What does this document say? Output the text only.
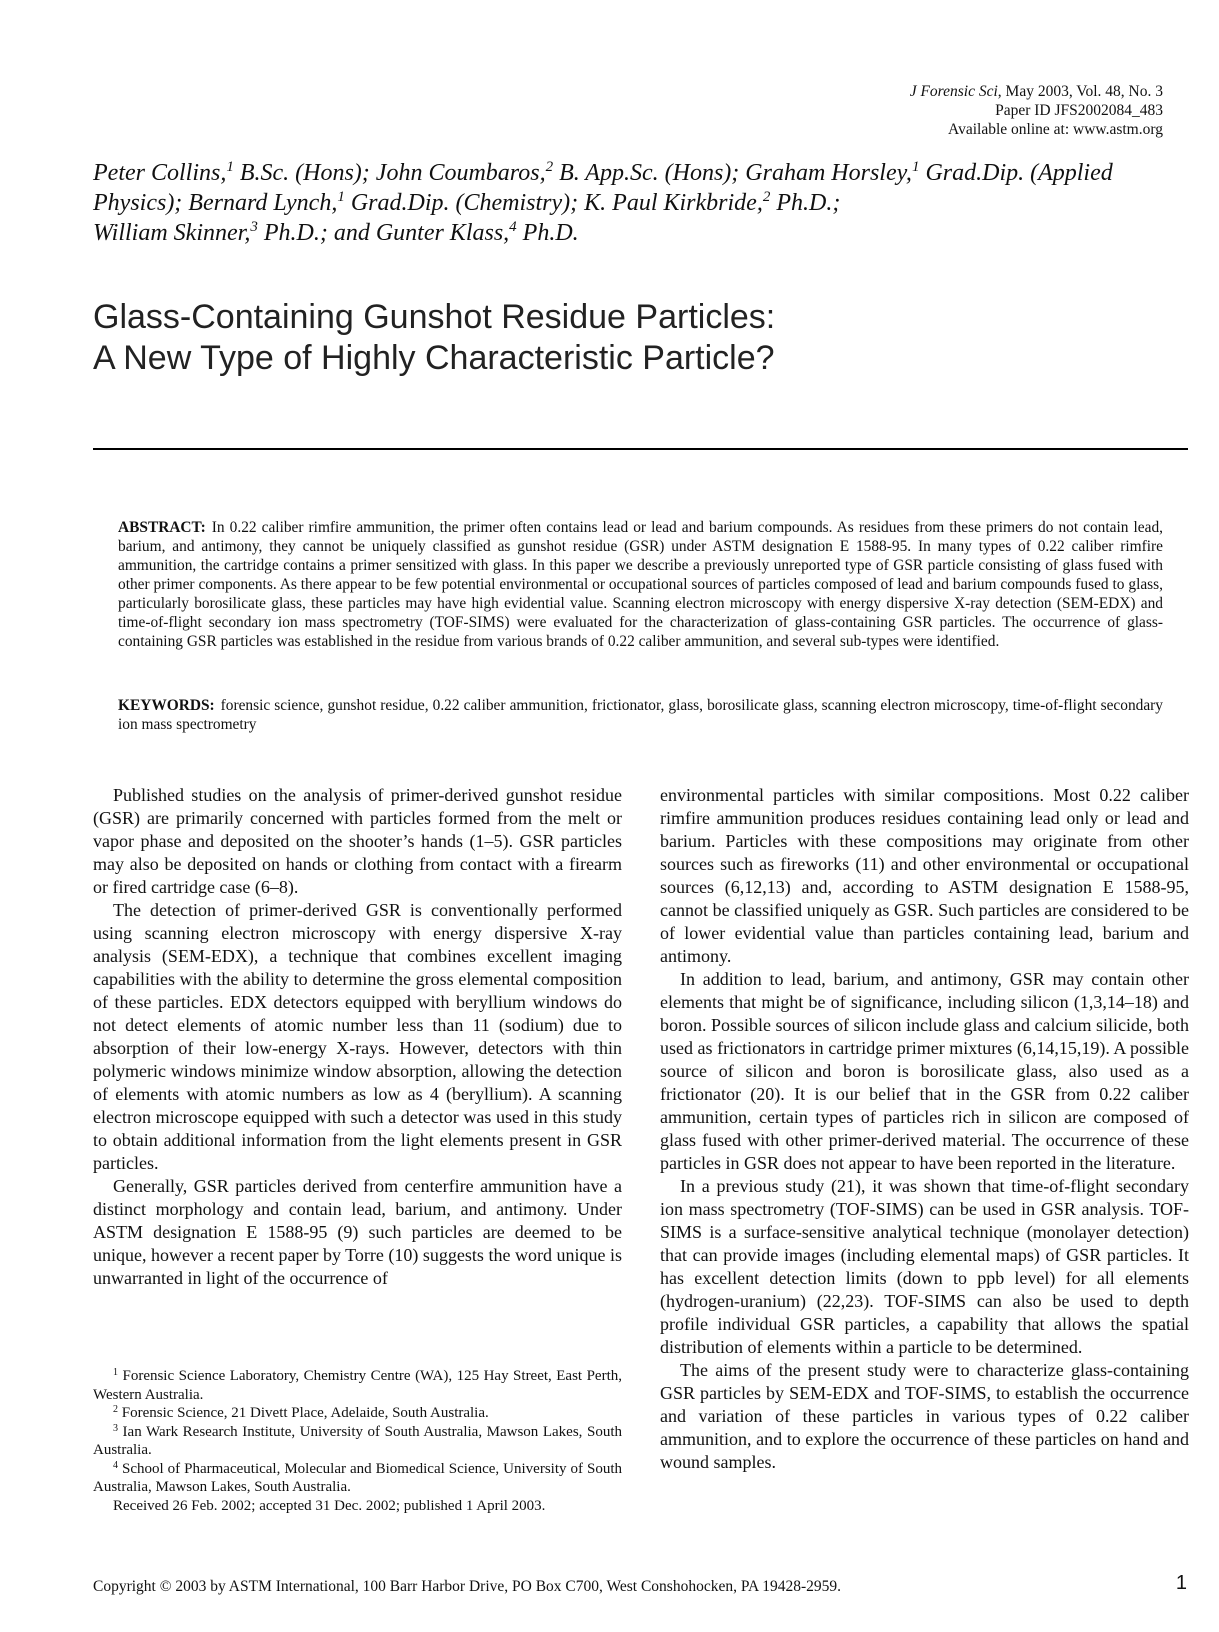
J Forensic Sci, May 2003, Vol. 48, No. 3
Paper ID JFS2002084_483
Available online at: www.astm.org
Peter Collins,$^1$ B.Sc. (Hons); John Coumbaros,$^2$ B. App.Sc. (Hons); Graham Horsley,$^1$ Grad.Dip. (Applied Physics); Bernard Lynch,$^1$ Grad.Dip. (Chemistry); K. Paul Kirkbride,$^2$ Ph.D.;
William Skinner,$^3$ Ph.D.; and Gunter Klass,$^4$ Ph.D.
Glass-Containing Gunshot Residue Particles:
A New Type of Highly Characteristic Particle?
ABSTRACT: In 0.22 caliber rimfire ammunition, the primer often contains lead or lead and barium compounds. As residues from these primers do not contain lead, barium, and antimony, they cannot be uniquely classified as gunshot residue (GSR) under ASTM designation E 1588-95. In many types of 0.22 caliber rimfire ammunition, the cartridge contains a primer sensitized with glass. In this paper we describe a previously unreported type of GSR particle consisting of glass fused with other primer components. As there appear to be few potential environmental or occupational sources of particles composed of lead and barium compounds fused to glass, particularly borosilicate glass, these particles may have high evidential value. Scanning electron microscopy with energy dispersive X-ray detection (SEM-EDX) and time-of-flight secondary ion mass spectrometry (TOF-SIMS) were evaluated for the characterization of glass-containing GSR particles. The occurrence of glass-containing GSR particles was established in the residue from various brands of 0.22 caliber ammunition, and several sub-types were identified.
KEYWORDS: forensic science, gunshot residue, 0.22 caliber ammunition, frictionator, glass, borosilicate glass, scanning electron microscopy, time-of-flight secondary ion mass spectrometry

Published studies on the analysis of primer-derived gunshot residue (GSR) are primarily concerned with particles formed from the melt or vapor phase and deposited on the shooter’s hands (1–5). GSR particles may also be deposited on hands or clothing from contact with a firearm or fired cartridge case (6–8).

The detection of primer-derived GSR is conventionally performed using scanning electron microscopy with energy dispersive X-ray analysis (SEM-EDX), a technique that combines excellent imaging capabilities with the ability to determine the gross elemental composition of these particles. EDX detectors equipped with beryllium windows do not detect elements of atomic number less than 11 (sodium) due to absorption of their low-energy X-rays. However, detectors with thin polymeric windows minimize window absorption, allowing the detection of elements with atomic numbers as low as 4 (beryllium). A scanning electron microscope equipped with such a detector was used in this study to obtain additional information from the light elements present in GSR particles.

Generally, GSR particles derived from centerfire ammunition have a distinct morphology and contain lead, barium, and antimony. Under ASTM designation E 1588-95 (9) such particles are deemed to be unique, however a recent paper by Torre (10) suggests the word unique is unwarranted in light of the occurrence of

environmental particles with similar compositions. Most 0.22 caliber rimfire ammunition produces residues containing lead only or lead and barium. Particles with these compositions may originate from other sources such as fireworks (11) and other environmental or occupational sources (6,12,13) and, according to ASTM designation E 1588-95, cannot be classified uniquely as GSR. Such particles are considered to be of lower evidential value than particles containing lead, barium and antimony.

In addition to lead, barium, and antimony, GSR may contain other elements that might be of significance, including silicon (1,3,14–18) and boron. Possible sources of silicon include glass and calcium silicide, both used as frictionators in cartridge primer mixtures (6,14,15,19). A possible source of silicon and boron is borosilicate glass, also used as a frictionator (20). It is our belief that in the GSR from 0.22 caliber ammunition, certain types of particles rich in silicon are composed of glass fused with other primer-derived material. The occurrence of these particles in GSR does not appear to have been reported in the literature.

In a previous study (21), it was shown that time-of-flight secondary ion mass spectrometry (TOF-SIMS) can be used in GSR analysis. TOF-SIMS is a surface-sensitive analytical technique (monolayer detection) that can provide images (including elemental maps) of GSR particles. It has excellent detection limits (down to ppb level) for all elements (hydrogen-uranium) (22,23). TOF-SIMS can also be used to depth profile individual GSR particles, a capability that allows the spatial distribution of elements within a particle to be determined.

The aims of the present study were to characterize glass-containing GSR particles by SEM-EDX and TOF-SIMS, to establish the occurrence and variation of these particles in various types of 0.22 caliber ammunition, and to explore the occurrence of these particles on hand and wound samples.

$^1$ Forensic Science Laboratory, Chemistry Centre (WA), 125 Hay Street, East Perth, Western Australia.

$^2$ Forensic Science, 21 Divett Place, Adelaide, South Australia.

$^3$ Ian Wark Research Institute, University of South Australia, Mawson Lakes, South Australia.

$^4$ School of Pharmaceutical, Molecular and Biomedical Science, University of South Australia, Mawson Lakes, South Australia.

Received 26 Feb. 2002; accepted 31 Dec. 2002; published 1 April 2003.

Copyright © 2003 by ASTM International, 100 Barr Harbor Drive, PO Box C700, West Conshohocken, PA 19428-2959.	1
